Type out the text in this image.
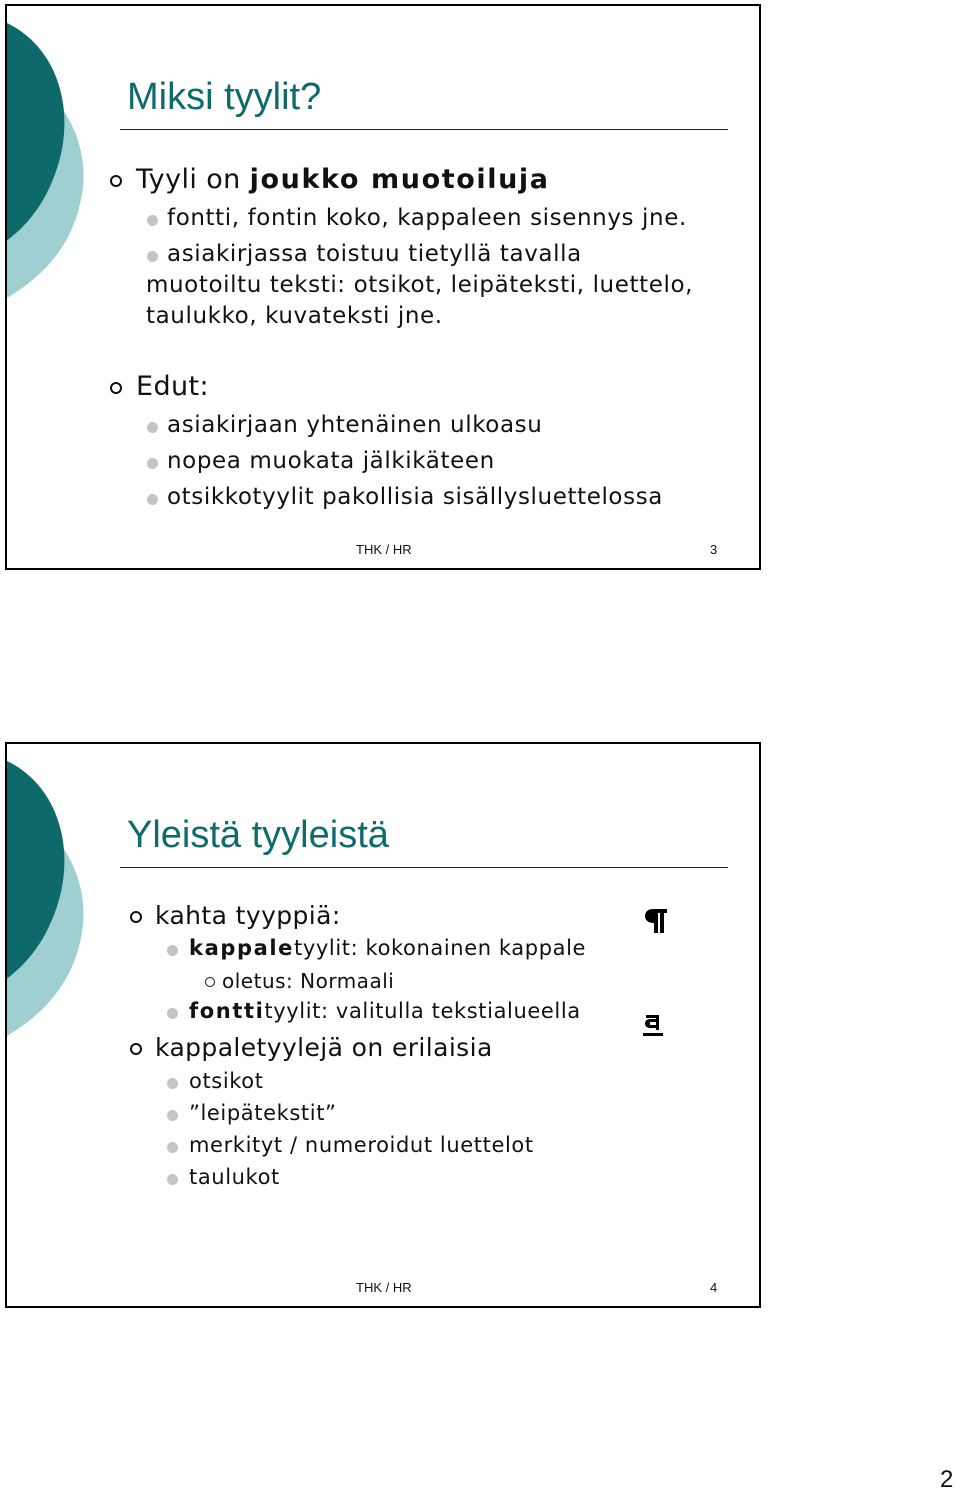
Miksi tyylit?
Tyyli on joukko muotoiluja
fontti, fontin koko, kappaleen sisennys jne.
asiakirjassa toistuu tietyllä tavalla
muotoiltu teksti: otsikot, leipäteksti, luettelo,
taulukko, kuvateksti jne.
Edut:
asiakirjaan yhtenäinen ulkoasu
nopea muokata jälkikäteen
otsikkotyylit pakollisia sisällysluettelossa
THK / HR	3
Yleistä tyyleistä
kahta tyyppiä:
kappaletyylit: kokonainen kappale
oletus: Normaali
fonttityylit: valitulla tekstialueella
kappaletyylejä on erilaisia
otsikot
”leipätekstit”
merkityt / numeroidut luettelot
taulukot
THK / HR	4
2
